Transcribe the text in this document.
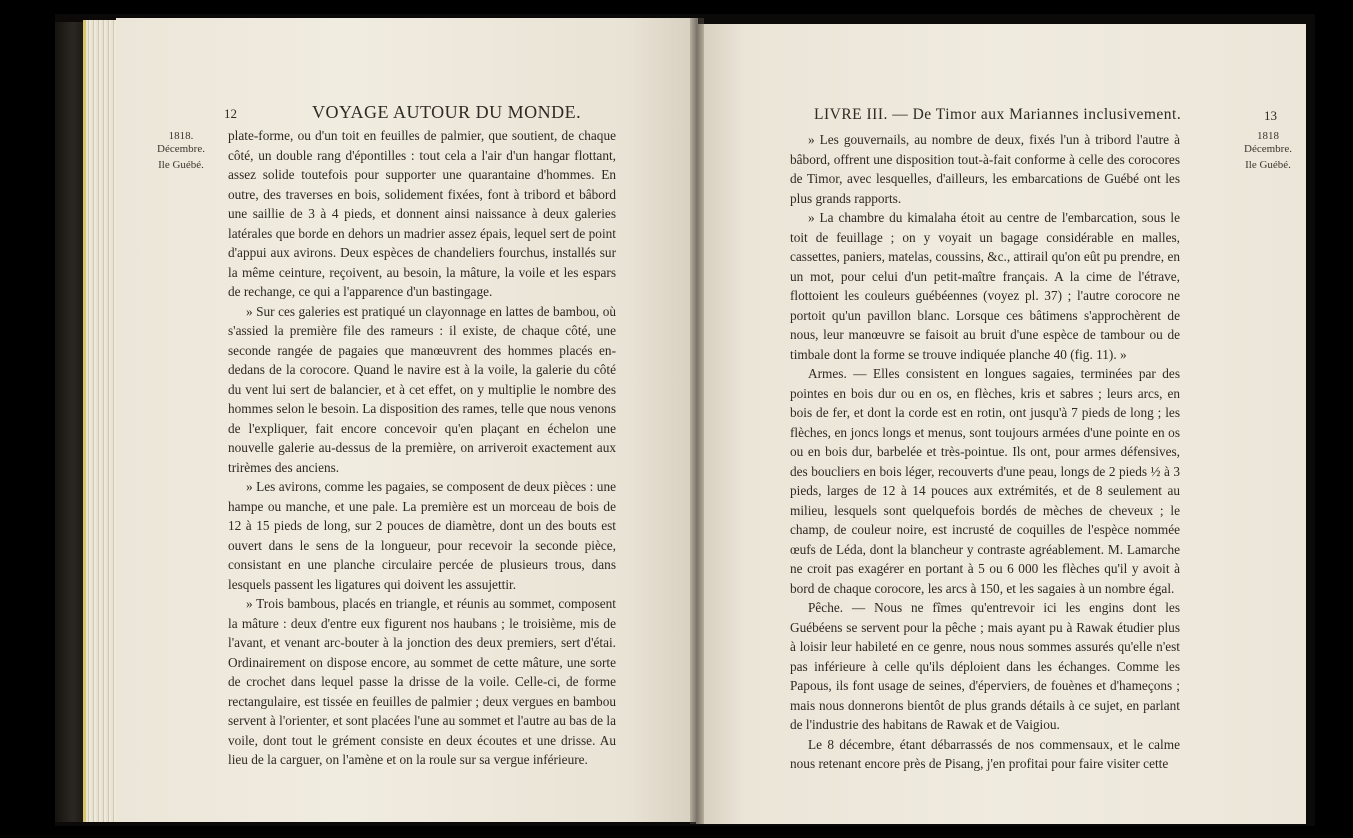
12	VOYAGE AUTOUR DU MONDE.
1818.
Décembre.
Ile Guébé.

plate-forme, ou d'un toit en feuilles de palmier, que soutient, de chaque côté, un double rang d'épontilles : tout cela a l'air d'un hangar flottant, assez solide toutefois pour supporter une quarantaine d'hommes. En outre, des traverses en bois, solidement fixées, font à tribord et bâbord une saillie de 3 à 4 pieds, et donnent ainsi naissance à deux galeries latérales que borde en dehors un madrier assez épais, lequel sert de point d'appui aux avirons. Deux espèces de chandeliers fourchus, installés sur la même ceinture, reçoivent, au besoin, la mâture, la voile et les espars de rechange, ce qui a l'apparence d'un bastingage.

» Sur ces galeries est pratiqué un clayonnage en lattes de bambou, où s'assied la première file des rameurs : il existe, de chaque côté, une seconde rangée de pagaies que manœuvrent des hommes placés en-dedans de la corocore. Quand le navire est à la voile, la galerie du côté du vent lui sert de balancier, et à cet effet, on y multiplie le nombre des hommes selon le besoin. La disposition des rames, telle que nous venons de l'expliquer, fait encore concevoir qu'en plaçant en échelon une nouvelle galerie au-dessus de la première, on arriveroit exactement aux trirèmes des anciens.

» Les avirons, comme les pagaies, se composent de deux pièces : une hampe ou manche, et une pale. La première est un morceau de bois de 12 à 15 pieds de long, sur 2 pouces de diamètre, dont un des bouts est ouvert dans le sens de la longueur, pour recevoir la seconde pièce, consistant en une planche circulaire percée de plusieurs trous, dans lesquels passent les ligatures qui doivent les assujettir.

» Trois bambous, placés en triangle, et réunis au sommet, composent la mâture : deux d'entre eux figurent nos haubans ; le troisième, mis de l'avant, et venant arc-bouter à la jonction des deux premiers, sert d'étai. Ordinairement on dispose encore, au sommet de cette mâture, une sorte de crochet dans lequel passe la drisse de la voile. Celle-ci, de forme rectangulaire, est tissée en feuilles de palmier ; deux vergues en bambou servent à l'orienter, et sont placées l'une au sommet et l'autre au bas de la voile, dont tout le grément consiste en deux écoutes et une drisse. Au lieu de la carguer, on l'amène et on la roule sur sa vergue inférieure.

LIVRE III. — De Timor aux Mariannes inclusivement.	13
1818
Décembre.
Ile Guébé.

» Les gouvernails, au nombre de deux, fixés l'un à tribord l'autre à bâbord, offrent une disposition tout-à-fait conforme à celle des corocores de Timor, avec lesquelles, d'ailleurs, les embarcations de Guébé ont les plus grands rapports.

» La chambre du kimalaha étoit au centre de l'embarcation, sous le toit de feuillage ; on y voyait un bagage considérable en malles, cassettes, paniers, matelas, coussins, &c., attirail qu'on eût pu prendre, en un mot, pour celui d'un petit-maître français. A la cime de l'étrave, flottoient les couleurs guébéennes (voyez pl. 37) ; l'autre corocore ne portoit qu'un pavillon blanc. Lorsque ces bâtimens s'approchèrent de nous, leur manœuvre se faisoit au bruit d'une espèce de tambour ou de timbale dont la forme se trouve indiquée planche 40 (fig. 11). »

Armes. — Elles consistent en longues sagaies, terminées par des pointes en bois dur ou en os, en flèches, kris et sabres ; leurs arcs, en bois de fer, et dont la corde est en rotin, ont jusqu'à 7 pieds de long ; les flèches, en joncs longs et menus, sont toujours armées d'une pointe en os ou en bois dur, barbelée et très-pointue. Ils ont, pour armes défensives, des boucliers en bois léger, recouverts d'une peau, longs de 2 pieds ½ à 3 pieds, larges de 12 à 14 pouces aux extrémités, et de 8 seulement au milieu, lesquels sont quelquefois bordés de mèches de cheveux ; le champ, de couleur noire, est incrusté de coquilles de l'espèce nommée œufs de Léda, dont la blancheur y contraste agréablement. M. Lamarche ne croit pas exagérer en portant à 5 ou 6 000 les flèches qu'il y avoit à bord de chaque corocore, les arcs à 150, et les sagaies à un nombre égal.

Pêche. — Nous ne fîmes qu'entrevoir ici les engins dont les Guébéens se servent pour la pêche ; mais ayant pu à Rawak étudier plus à loisir leur habileté en ce genre, nous nous sommes assurés qu'elle n'est pas inférieure à celle qu'ils déploient dans les échanges. Comme les Papous, ils font usage de seines, d'éperviers, de fouènes et d'hameçons ; mais nous donnerons bientôt de plus grands détails à ce sujet, en parlant de l'industrie des habitans de Rawak et de Vaigiou.

Le 8 décembre, étant débarrassés de nos commensaux, et le calme nous retenant encore près de Pisang, j'en profitai pour faire visiter cette
